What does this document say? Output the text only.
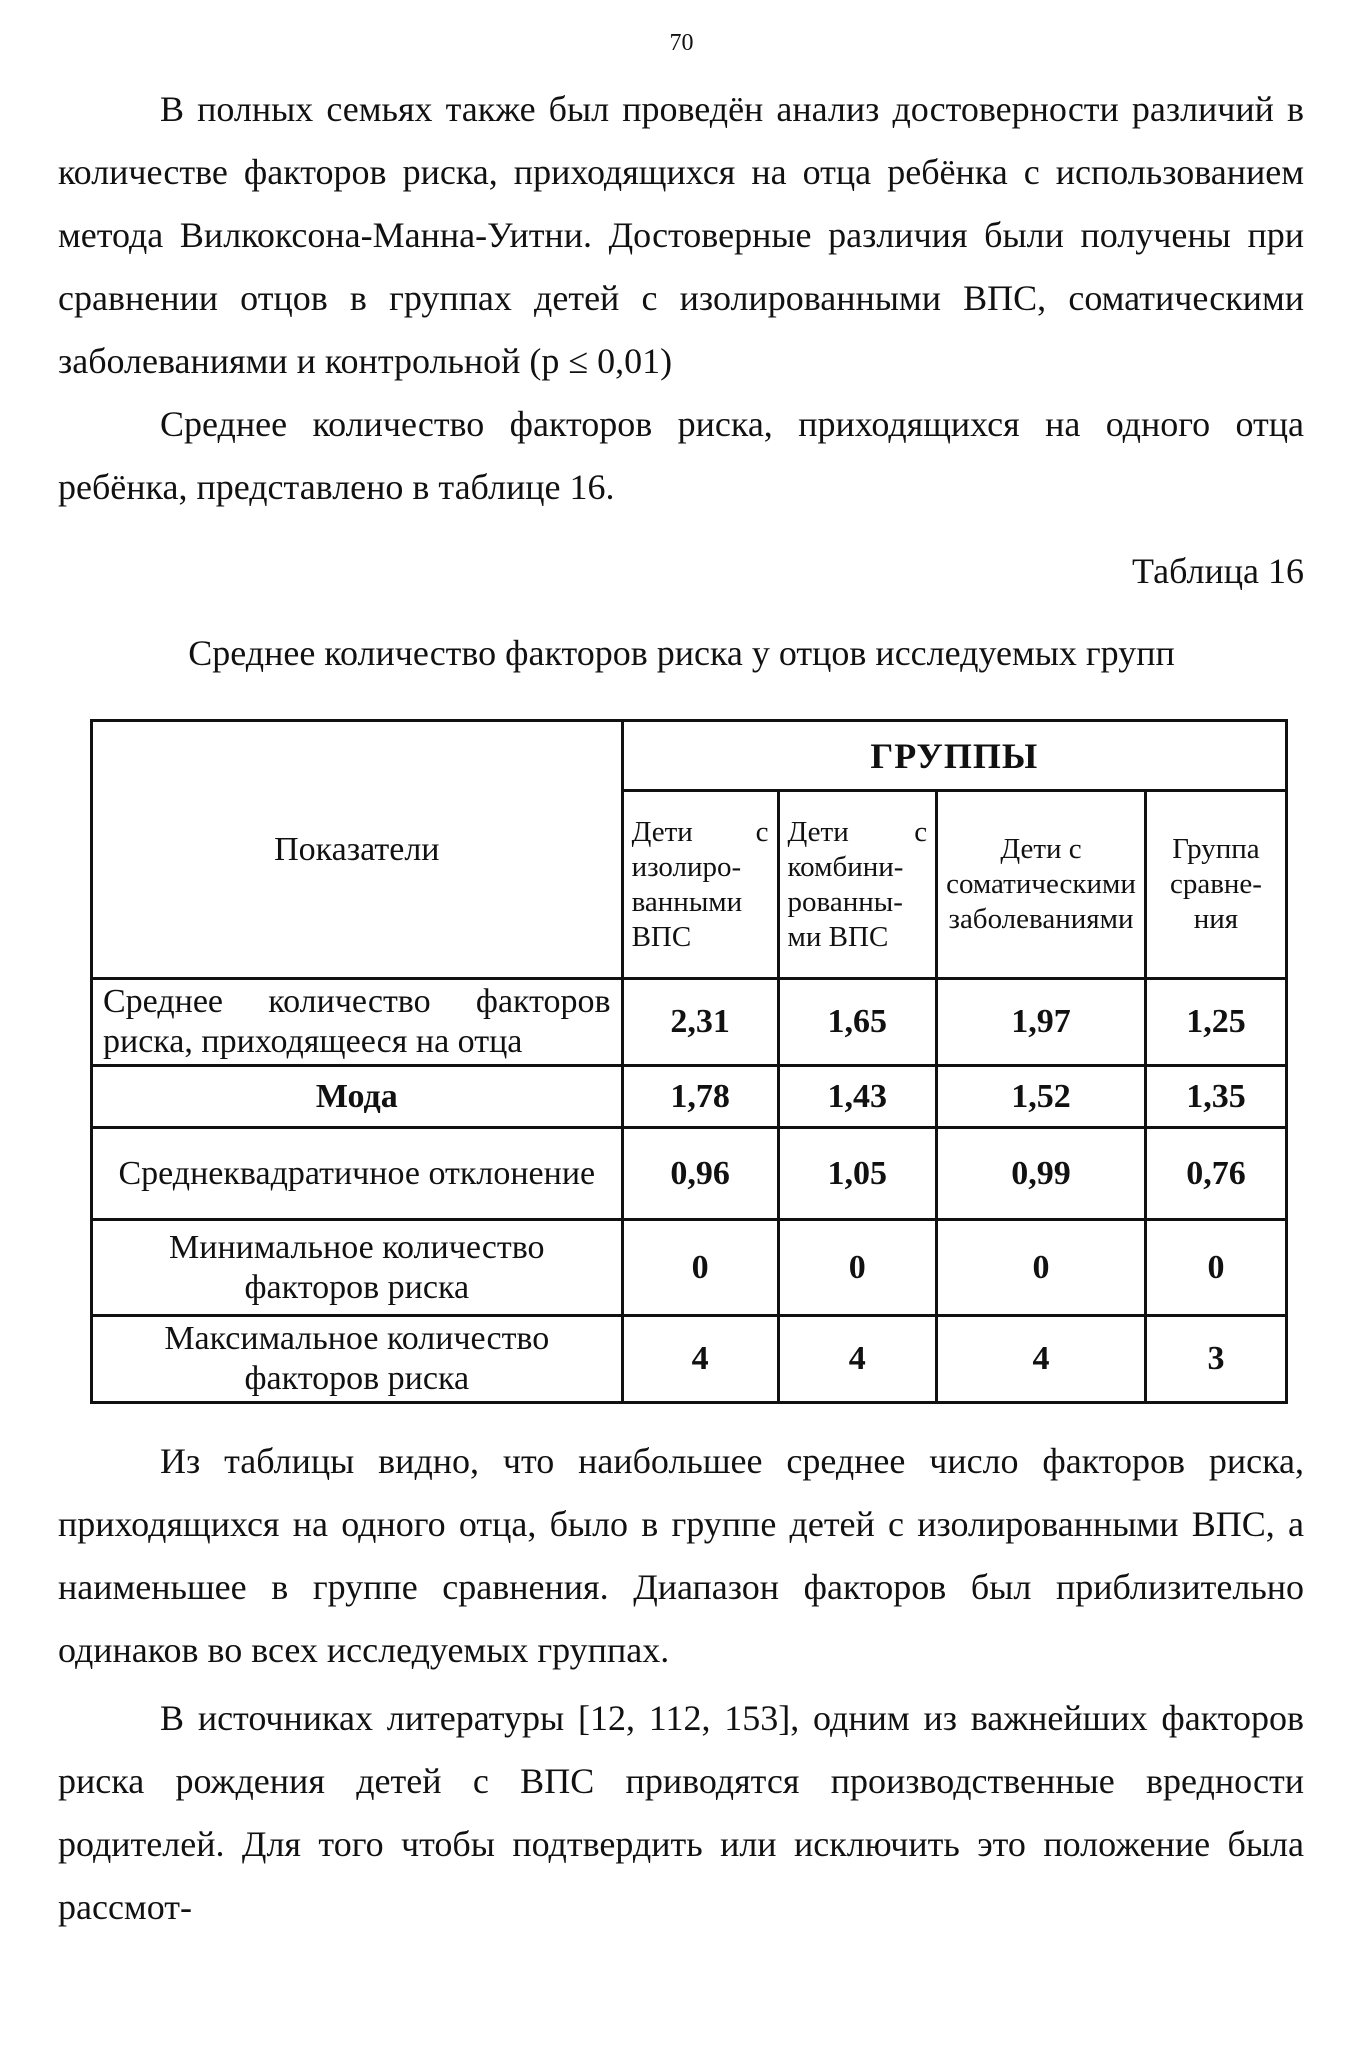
70

В полных семьях также был проведён анализ достоверности различий в количестве факторов риска, приходящихся на отца ребёнка с использованием метода Вилкоксона-Манна-Уитни. Достоверные различия были получены при сравнении отцов в группах детей с изолированными ВПС, соматическими заболеваниями и контрольной (р ≤ 0,01)

Среднее количество факторов риска, приходящихся на одного отца ребёнка, представлено в таблице 16.

Таблица 16
Среднее количество факторов риска у отцов исследуемых групп
Показатели	ГРУППЫ			
	Дети с изолиро-ванными ВПС	Дети с комбини-рованны-ми ВПС	Дети с соматическими заболеваниями	Группа сравне-ния
Среднее количество факторов риска, приходящееся на отца	2,31	1,65	1,97	1,25
Мода	1,78	1,43	1,52	1,35
Среднеквадратичное отклонение	0,96	1,05	0,99	0,76
Минимальное количество факторов риска	0	0	0	0
Максимальное количество факторов риска	4	4	4	3

Из таблицы видно, что наибольшее среднее число факторов риска, приходящихся на одного отца, было в группе детей с изолированными ВПС, а наименьшее в группе сравнения. Диапазон факторов был приблизительно одинаков во всех исследуемых группах.

В источниках литературы [12, 112, 153], одним из важнейших факторов риска рождения детей с ВПС приводятся производственные вредности родителей. Для того чтобы подтвердить или исключить это положение была рассмот-
